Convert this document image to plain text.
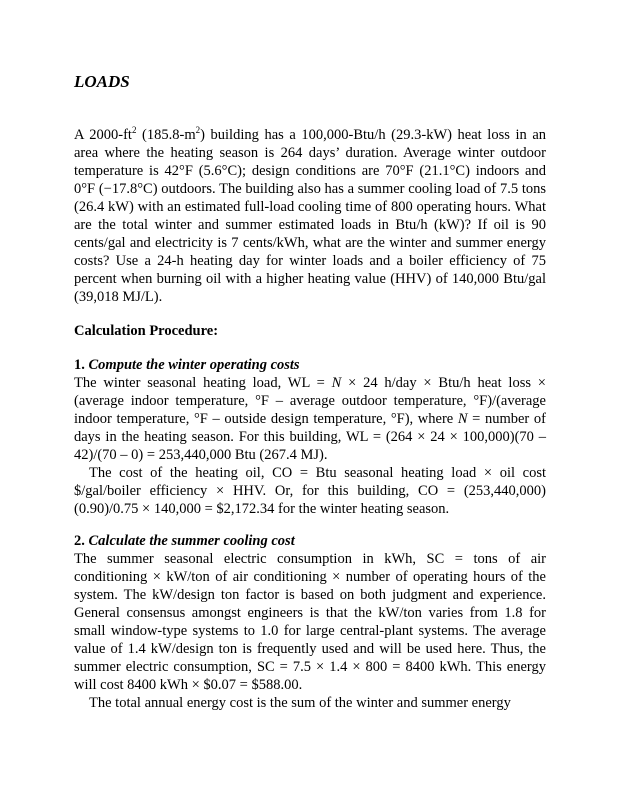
LOADS

A $2000-ft^2$ $(185.8-m^2)$ building has a 100,000-Btu/h (29.3-kW) heat loss in an area where the heating season is 264 days’ duration. Average winter outdoor temperature is 42°F (5.6°C); design conditions are 70°F (21.1°C) indoors and 0°F (−17.8°C) outdoors. The building also has a summer cooling load of 7.5 tons (26.4 kW) with an estimated full-load cooling time of 800 operating hours. What are the total winter and summer estimated loads in Btu/h (kW)? If oil is 90 cents/gal and electricity is 7 cents/kWh, what are the winter and summer energy costs? Use a 24-h heating day for winter loads and a boiler efficiency of 75 percent when burning oil with a higher heating value (HHV) of 140,000 Btu/gal (39,018 MJ/L).

Calculation Procedure:

1. Compute the winter operating costs

The winter seasonal heating load, WL = N × 24 h/day × Btu/h heat loss × (average indoor temperature, °F – average outdoor temperature, °F)/(average indoor temperature, °F – outside design temperature, °F), where N = number of days in the heating season. For this building, WL = (264 × 24 × 100,000)(70 – 42)/(70 – 0) = 253,440,000 Btu (267.4 MJ).

The cost of the heating oil, CO = Btu seasonal heating load × oil cost $/gal/boiler efficiency × HHV. Or, for this building, CO = (253,440,000)(0.90)/0.75 × 140,000 = $2,172.34 for the winter heating season.

2. Calculate the summer cooling cost

The summer seasonal electric consumption in kWh, SC = tons of air conditioning × kW/ton of air conditioning × number of operating hours of the system. The kW/design ton factor is based on both judgment and experience. General consensus amongst engineers is that the kW/ton varies from 1.8 for small window-type systems to 1.0 for large central-plant systems. The average value of 1.4 kW/design ton is frequently used and will be used here. Thus, the summer electric consumption, SC = 7.5 × 1.4 × 800 = 8400 kWh. This energy will cost 8400 kWh × $0.07 = $588.00.

The total annual energy cost is the sum of the winter and summer energy
